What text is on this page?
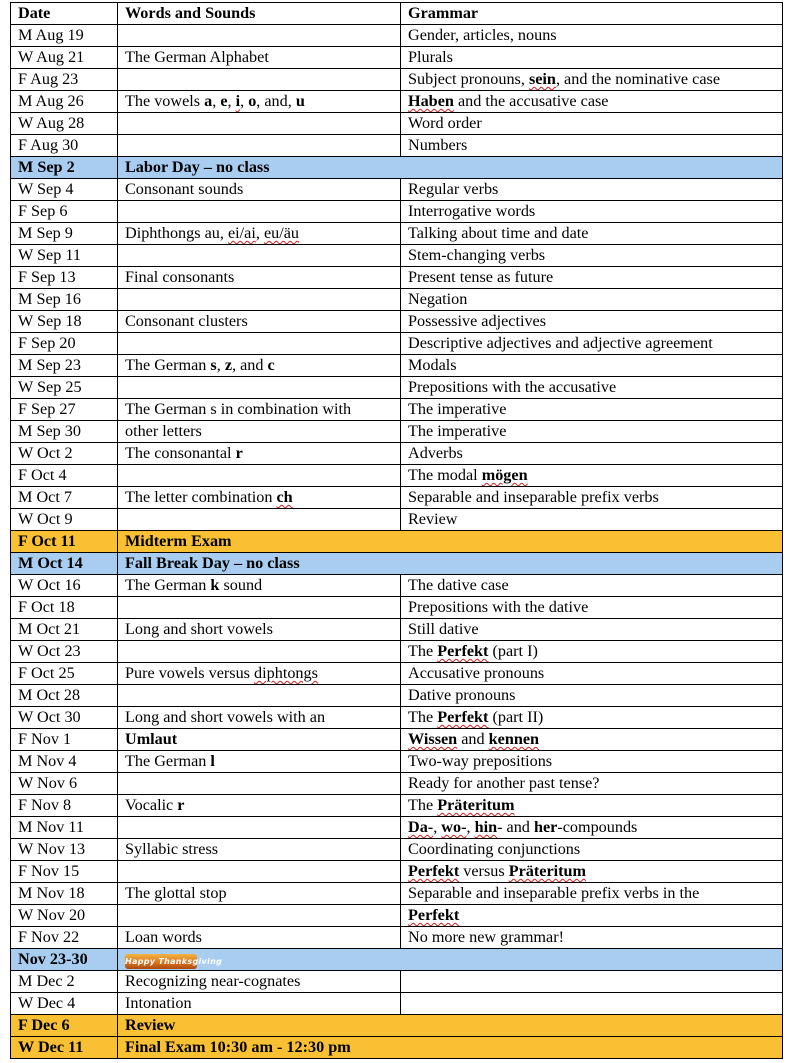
Date	Words and Sounds	Grammar
M Aug 19		Gender, articles, nouns
W Aug 21	The German Alphabet	Plurals
F Aug 23		Subject pronouns, sein, and the nominative case
M Aug 26	The vowels a, e, i, o, and, u	Haben and the accusative case
W Aug 28		Word order
F Aug 30		Numbers
M Sep 2	Labor Day – no class	
W Sep 4	Consonant sounds	Regular verbs
F Sep 6		Interrogative words
M Sep 9	Diphthongs au, ei/ai, eu/äu	Talking about time and date
W Sep 11		Stem-changing verbs
F Sep 13	Final consonants	Present tense as future
M Sep 16		Negation
W Sep 18	Consonant clusters	Possessive adjectives
F Sep 20		Descriptive adjectives and adjective agreement
M Sep 23	The German s, z, and c	Modals
W Sep 25		Prepositions with the accusative
F Sep 27	The German s in combination with	The imperative
M Sep 30	other letters	The imperative
W Oct 2	The consonantal r	Adverbs
F Oct 4		The modal mögen
M Oct 7	The letter combination ch	Separable and inseparable prefix verbs
W Oct 9		Review
F Oct 11	Midterm Exam	
M Oct 14	Fall Break Day – no class	
W Oct 16	The German k sound	The dative case
F Oct 18		Prepositions with the dative
M Oct 21	Long and short vowels	Still dative
W Oct 23		The Perfekt (part I)
F Oct 25	Pure vowels versus diphtongs	Accusative pronouns
M Oct 28		Dative pronouns
W Oct 30	Long and short vowels with an	The Perfekt (part II)
F Nov 1	Umlaut	Wissen and kennen
M Nov 4	The German l	Two-way prepositions
W Nov 6		Ready for another past tense?
F Nov 8	Vocalic r	The Präteritum
M Nov 11		Da-, wo-, hin- and her-compounds
W Nov 13	Syllabic stress	Coordinating conjunctions
F Nov 15		Perfekt versus Präteritum
M Nov 18	The glottal stop	Separable and inseparable prefix verbs in the
W Nov 20		Perfekt
F Nov 22	Loan words	No more new grammar!
Nov 23-30	Happy Thanksgiving	
M Dec 2	Recognizing near-cognates	
W Dec 4	Intonation	
F Dec 6	Review	
W Dec 11	Final Exam 10:30 am - 12:30 pm	
